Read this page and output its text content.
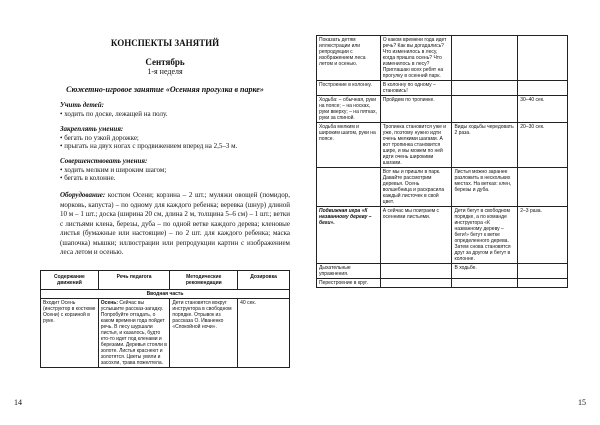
КОНСПЕКТЫ ЗАНЯТИЙ
Сентябрь
1-я неделя
Сюжетно-игровое занятие «Осенняя прогулка в парке»
Учить детей:
• ходить по доске, лежащей на полу.
Закреплять умения:
• бегать по узкой дорожке;
• прыгать на двух ногах с продвижением вперед на 2,5–3 м.
Совершенствовать умения:
• ходить мелким и широким шагом;
• бегать в колонне.
Оборудование: костюм Осени; корзина – 2 шт.; муляжи овощей (помидор, морковь, капуста) – по одному для каждого ребенка; веревка (шнур) длиной 10 м – 1 шт.; доска (ширина 20 см, длина 2 м, толщина 5–6 см) – 1 шт.; ветки с листьями клена, березы, дуба – по одной ветке каждого дерева; кленовые листья (бумажные или настоящие) – по 2 шт. для каждого ребенка; маска (шапочка) мышки; иллюстрации или репродукции картин с изображением леса летом и осенью.
Содержание движений	Речь педагога	Методические рекомендации	Дозировка
Вводная часть			
Входит Осень (инструктор в костюме Осени) с корзиной в руке.	Осень: Сейчас вы услышите рассказ-загадку. Попробуйте отгадать, о каком времени года пойдет речь. В лесу шуршали листья, и казалось, будто кто-то идет под кленами и березами. Деревья стояли в золоте. Листья краснеют и золотятся. Цветы увяли и засохли, трава пожелтела.	Дети становятся вокруг инструктора в свободном порядке. Отрывок из рассказа О. Иваненко «Спокойной ночи».	40 сек.
14
Показать детям иллюстрации или репродукции с изображением леса летом и осенью.	О каком времени года идет речь? Как вы догадались? Что изменилось в лесу, когда пришла осень? Что изменилось в лесу? Приглашаю всех ребят на прогулку в осенний парк.		
Построение в колонну.	В колонну по одному – становись!		
Ходьба: – обычная, руки на поясе; – на носках, руки вверху; – на пятках, руки за спиной.	Пройдем по тропинке.		30–40 сек.
Ходьба мелким и широким шагом, руки на поясе.	Тропинка становится уже и уже, поэтому нужно идти очень мелкими шагами. А вот тропинка становится шире, и мы можем по ней идти очень широкими шагами.	Виды ходьбы чередовать 2 раза.	20–30 сек.
	Вот мы и пришли в парк. Давайте рассмотрим деревья. Осень волшебница и раскрасила каждый листочек в свой цвет.	Листья можно заранее разложить в нескольких местах. На ветках: клен, березы и дуба.	
Подвижная игра «К названному дереву – беги».	А сейчас мы поиграем с осенними листьями.	Дети бегут в свободном порядке, а по команде инструктора «К названному дереву – беги!» бегут к ветке определенного дерева. Затем снова становятся друг за другом и бегут в колонне.	2–3 раза.
Дыхательные упражнения.		В ходьбе.	
Перестроение в круг.			
15
